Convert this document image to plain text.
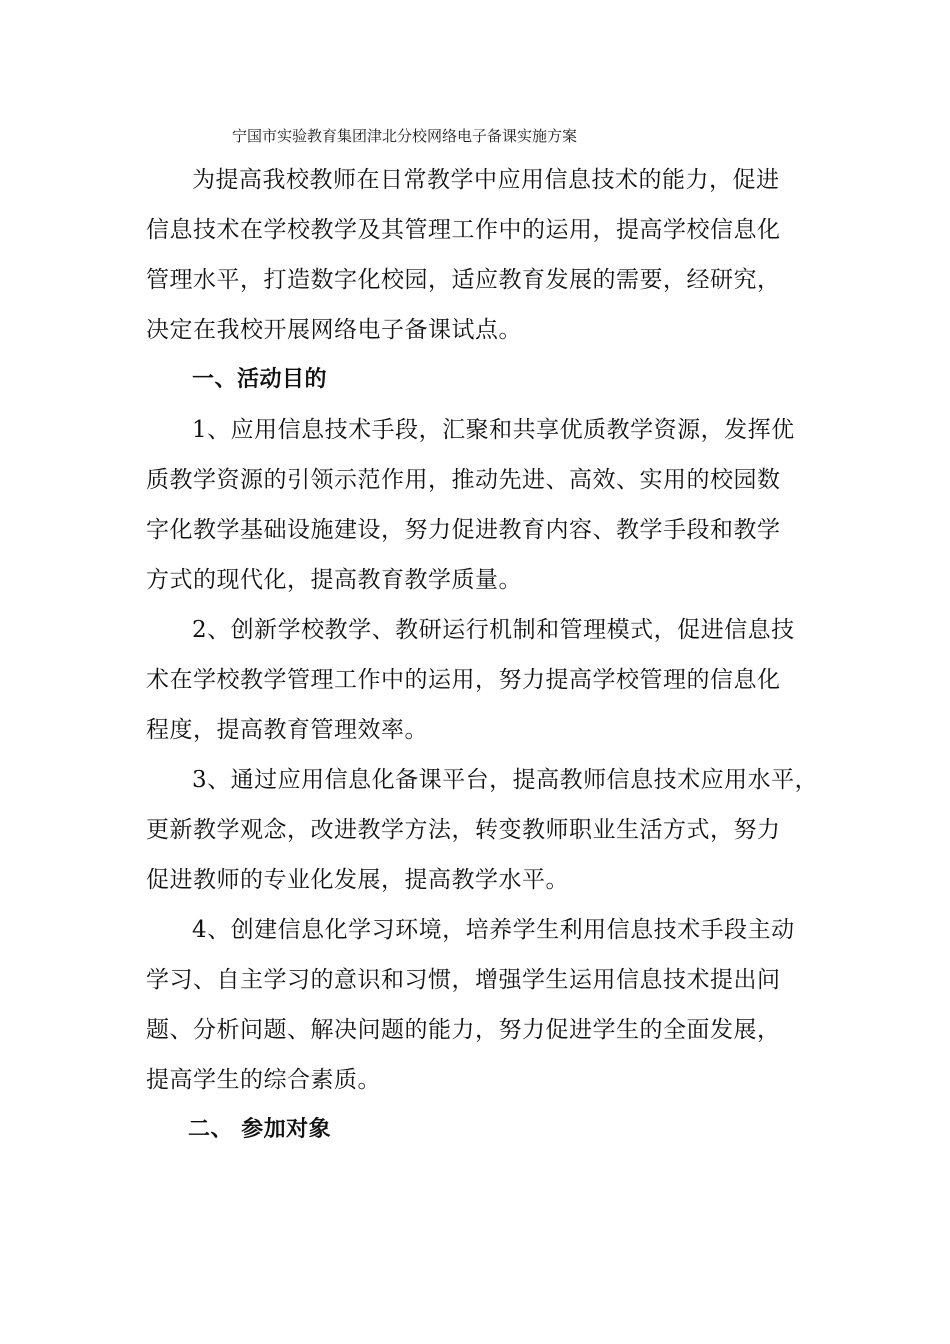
宁国市实验教育集团津北分校网络电子备课实施方案
为提高我校教师在日常教学中应用信息技术的能力，促进
信息技术在学校教学及其管理工作中的运用，提高学校信息化
管理水平，打造数字化校园，适应教育发展的需要，经研究，
决定在我校开展网络电子备课试点。
一、活动目的
1、应用信息技术手段，汇聚和共享优质教学资源，发挥优
质教学资源的引领示范作用，推动先进、高效、实用的校园数
字化教学基础设施建设，努力促进教育内容、教学手段和教学
方式的现代化，提高教育教学质量。
2、创新学校教学、教研运行机制和管理模式，促进信息技
术在学校教学管理工作中的运用，努力提高学校管理的信息化
程度，提高教育管理效率。
3、通过应用信息化备课平台，提高教师信息技术应用水平，
更新教学观念，改进教学方法，转变教师职业生活方式，努力
促进教师的专业化发展，提高教学水平。
4、创建信息化学习环境，培养学生利用信息技术手段主动
学习、自主学习的意识和习惯，增强学生运用信息技术提出问
题、分析问题、解决问题的能力，努力促进学生的全面发展，
提高学生的综合素质。
二、 参加对象
